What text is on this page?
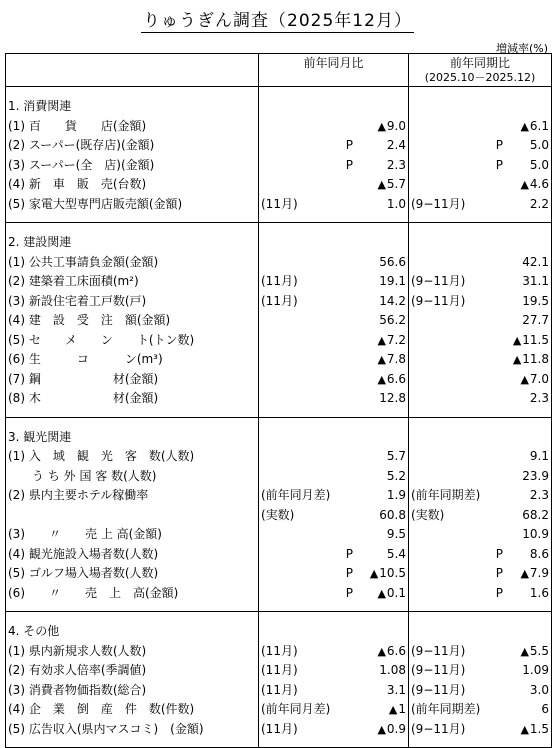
りゅうぎん調査（2025年12月）
増減率(%)
	前年同月比	前年同期比
(2025.10－2025.12)

1. 消費関連		
(1) 百　　貨　　店(金額)	▲9.0	▲6.1

(2) スーパー(既存店)(金額)	P 2.4	P 5.0

(3) スーパー(全　店)(金額)	P 2.3	P 5.0

(4) 新　車　販　売(台数)	▲5.7	▲4.6

(5) 家電大型専門店販売額(金額)	(11月) 1.0	(9−11月) 2.2

2. 建設関連		
(1) 公共工事請負金額(金額)	56.6	42.1

(2) 建築着工床面積(m²)	(11月) 19.1	(9−11月) 31.1

(3) 新設住宅着工戸数(戸)	(11月) 14.2	(9−11月) 19.5

(4) 建　設　受　注　額(金額)	56.2	27.7

(5) セ　　メ　　ン　　ト(トン数)	▲7.2	▲11.5

(6) 生　　　コ　　　ン(m³)	▲7.8	▲11.8

(7) 鋼　　　　　　材(金額)	▲6.6	▲7.0

(8) 木　　　　　　材(金額)	12.8	2.3

3. 観光関連		
(1) 入　域　観　光　客　数(人数)	5.7	9.1

　　う ち 外 国 客 数(人数)	5.2	23.9

(2) 県内主要ホテル稼働率	(前年同月差) 1.9	(前年同期差) 2.3

	(実数) 60.8	(実数) 68.2

(3)　　〃　　売 上 高(金額)	9.5	10.9

(4) 観光施設入場者数(人数)	P 5.4	P 8.6

(5) ゴルフ場入場者数(人数)	P ▲10.5	P ▲7.9

(6)　　〃　　売　上　高(金額)	P ▲0.1	P 1.6

4. その他		
(1) 県内新規求人数(人数)	(11月) ▲6.6	(9−11月) ▲5.5

(2) 有効求人倍率(季調値)	(11月) 1.08	(9−11月) 1.09

(3) 消費者物価指数(総合)	(11月) 3.1	(9−11月) 3.0

(4) 企　業　倒　産　件　数(件数)	(前年同月差) ▲1	(前年同期差) 6

(5) 広告収入(県内マスコミ)　(金額)	(11月) ▲0.9	(9−11月) ▲1.5
